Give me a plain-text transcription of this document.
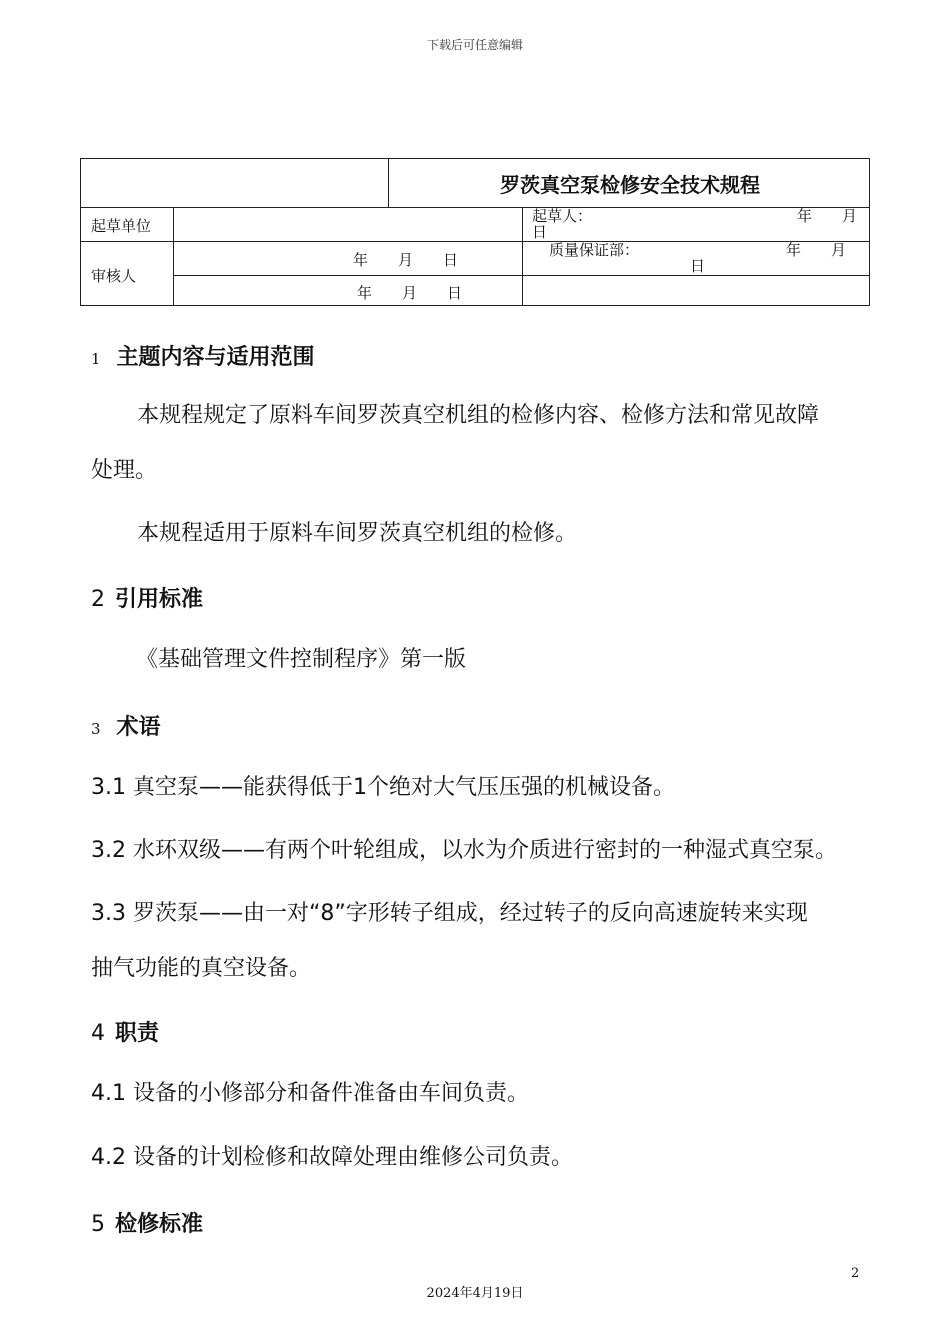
下载后可任意编辑
罗茨真空泵检修安全技术规程
起草单位
起草人：	年　　月
日
审核人
年　　月　　日
年　　月　　日
质量保证部：	年　　月
日
1 主题内容与适用范围
本规程规定了原料车间罗茨真空机组的检修内容、检修方法和常见故障
处理。
本规程适用于原料车间罗茨真空机组的检修。
2 引用标准
《基础管理文件控制程序》第一版
3 术语
3.1 真空泵——能获得低于1个绝对大气压压强的机械设备。
3.2 水环双级——有两个叶轮组成，以水为介质进行密封的一种湿式真空泵。
3.3 罗茨泵——由一对“8”字形转子组成，经过转子的反向高速旋转来实现
抽气功能的真空设备。
4 职责
4.1 设备的小修部分和备件准备由车间负责。
4.2 设备的计划检修和故障处理由维修公司负责。
5 检修标准
2
2024年4月19日
